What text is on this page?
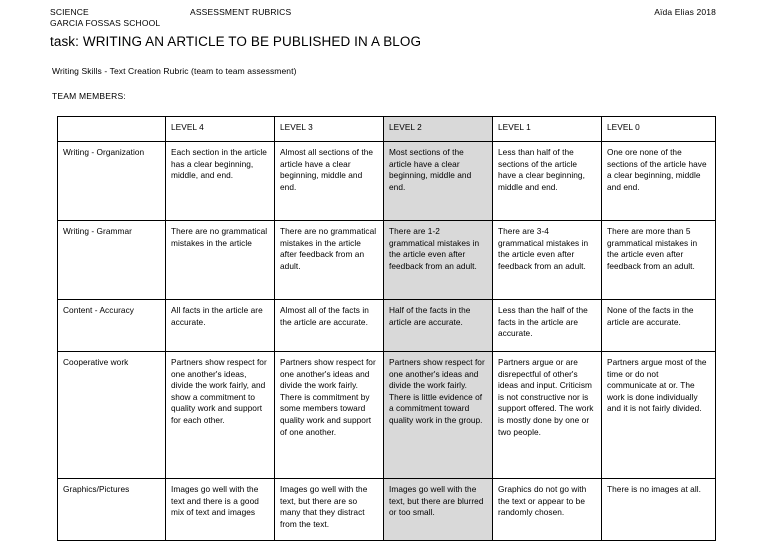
SCIENCE	ASSESSMENT RUBRICS	Aïda Elias 2018
GARCIA FOSSAS SCHOOL
task: WRITING AN ARTICLE TO BE PUBLISHED IN A BLOG
Writing Skills - Text Creation Rubric (team to team assessment)
TEAM MEMBERS:
	LEVEL 4	LEVEL 3	LEVEL 2	LEVEL 1	LEVEL 0
Writing - Organization	Each section in the article has a clear beginning, middle, and end.	Almost all sections of the article have a clear beginning, middle and end.	Most sections of the article have a clear beginning, middle and end.	Less than half of the sections of the article have a clear beginning, middle and end.	One ore none of the sections of the article have a clear beginning, middle and end.
Writing - Grammar	There are no grammatical mistakes in the article	There are no grammatical mistakes in the article after feedback from an adult.	There are 1-2 grammatical mistakes in the article even after feedback from an adult.	There are 3-4 grammatical mistakes in the article even after feedback from an adult.	There are more than 5 grammatical mistakes in the article even after feedback from an adult.
Content - Accuracy	All facts in the article are accurate.	Almost all of the facts in the article are accurate.	Half of the facts in the article are accurate.	Less than the half of the facts in the article are accurate.	None of the facts in the article are accurate.
Cooperative work	Partners show respect for one another's ideas, divide the work fairly, and show a commitment to quality work and support for each other.	Partners show respect for one another's ideas and divide the work fairly. There is commitment by some members toward quality work and support of one another.	Partners show respect for one another's ideas and divide the work fairly. There is little evidence of a commitment toward quality work in the group.	Partners argue or are disrepectful of other's ideas and input. Criticism is not constructive nor is support offered. The work is mostly done by one or two people.	Partners argue most of the time or do not communicate at or. The work is done individually and it is not fairly divided.
Graphics/Pictures	Images go well with the text and there is a good mix of text and images	Images go well with the text, but there are so many that they distract from the text.	Images go well with the text, but there are blurred or too small.	Graphics do not go with the text or appear to be randomly chosen.	There is no images at all.
